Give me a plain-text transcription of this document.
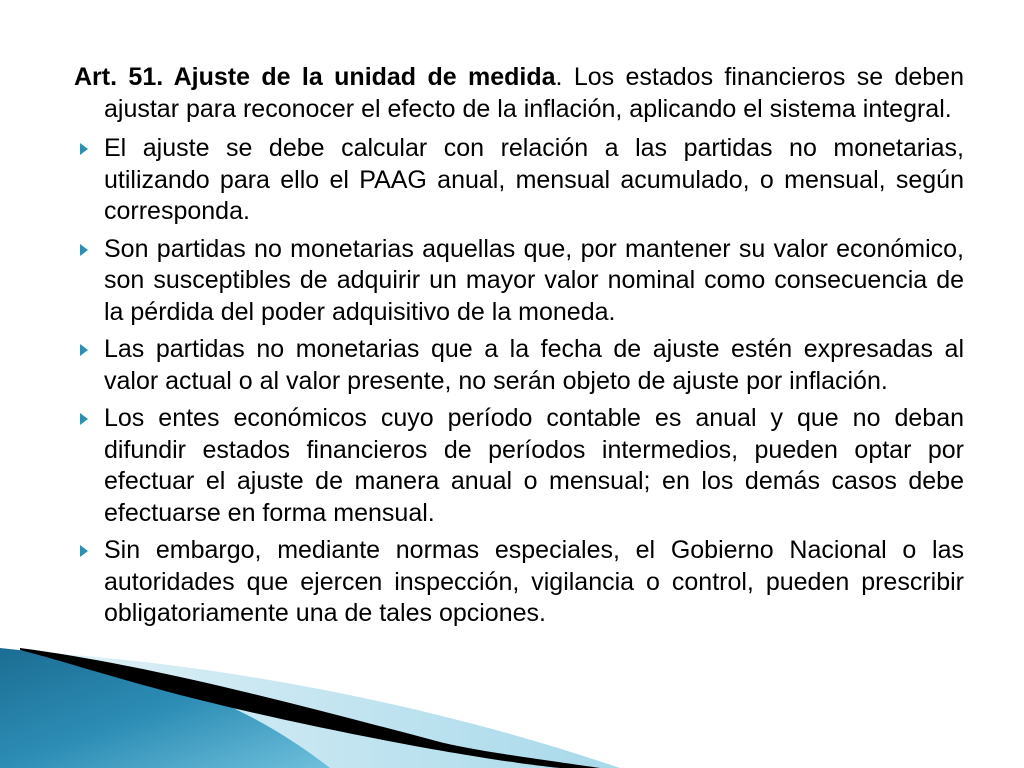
Art. 51. Ajuste de la unidad de medida. Los estados financieros se deben ajustar para reconocer el efecto de la inflación, aplicando el sistema integral.

El ajuste se debe calcular con relación a las partidas no monetarias, utilizando para ello el PAAG anual, mensual acumulado, o mensual, según corresponda.
Son partidas no monetarias aquellas que, por mantener su valor económico, son susceptibles de adquirir un mayor valor nominal como consecuencia de la pérdida del poder adquisitivo de la moneda.
Las partidas no monetarias que a la fecha de ajuste estén expresadas al valor actual o al valor presente, no serán objeto de ajuste por inflación.
Los entes económicos cuyo período contable es anual y que no deban difundir estados financieros de períodos intermedios, pueden optar por efectuar el ajuste de manera anual o mensual; en los demás casos debe efectuarse en forma mensual.
Sin embargo, mediante normas especiales, el Gobierno Nacional o las autoridades que ejercen inspección, vigilancia o control, pueden prescribir obligatoriamente una de tales opciones.
